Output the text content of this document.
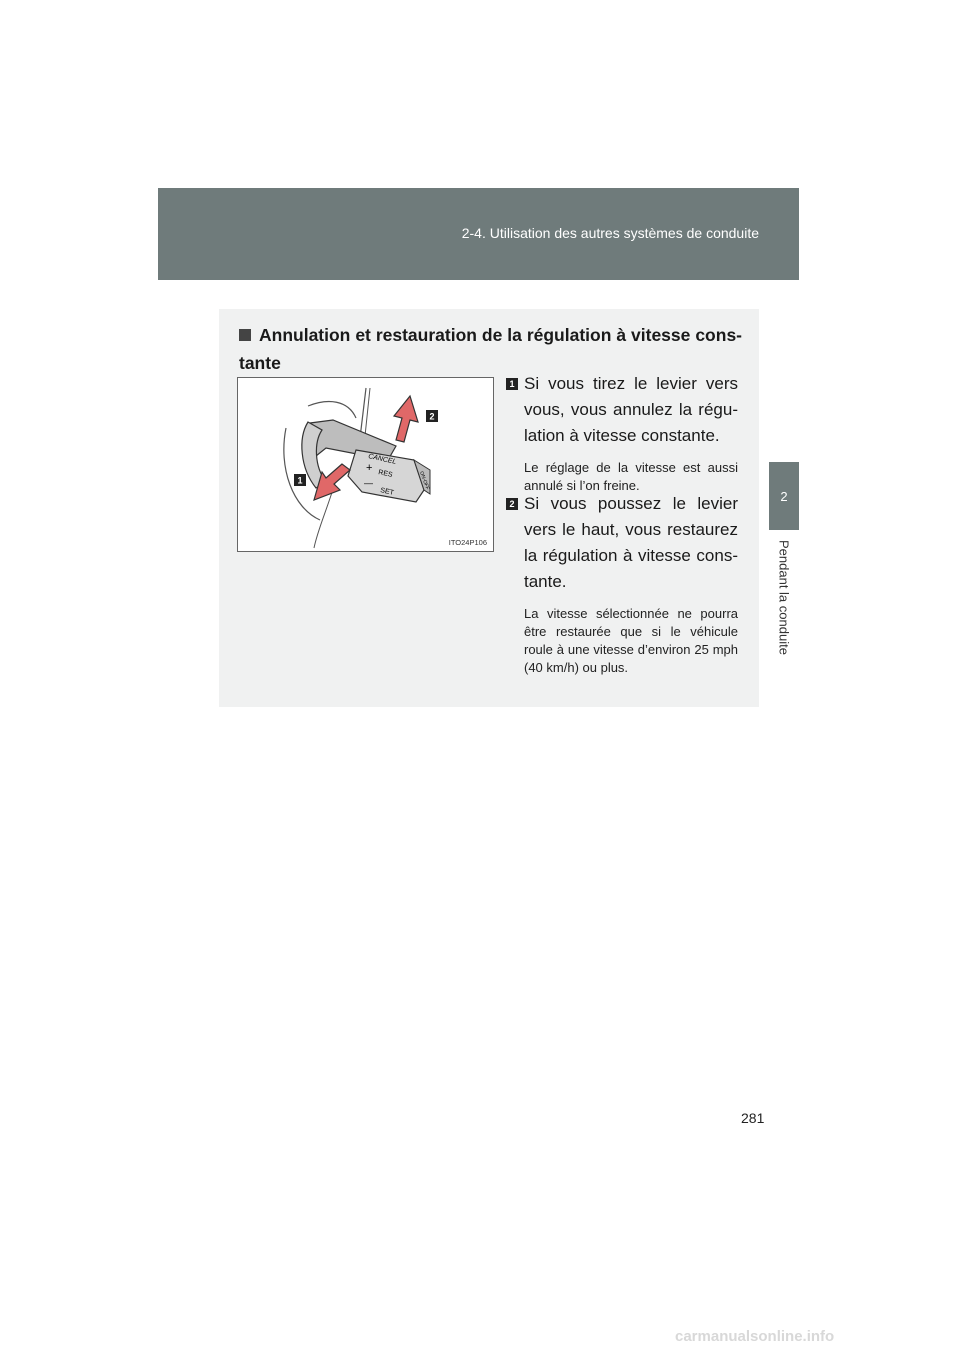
2-4. Utilisation des autres systèmes de conduite
2
Pendant la conduite
Annulation et restauration de la régulation à vitesse cons-tante
CANCEL
RES
+
—
SET
ON-OFF
2
1
ITO24P106
1 Si vous tirez le levier vers vous, vous annulez la régu-lation à vitesse constante.
Le réglage de la vitesse est aussi annulé si l’on freine.
2 Si vous poussez le levier vers le haut, vous restaurez la régulation à vitesse cons-tante.
La vitesse sélectionnée ne pourra être restaurée que si le véhicule roule à une vitesse d’environ 25 mph (40 km/h) ou plus.
281
carmanualsonline.info
